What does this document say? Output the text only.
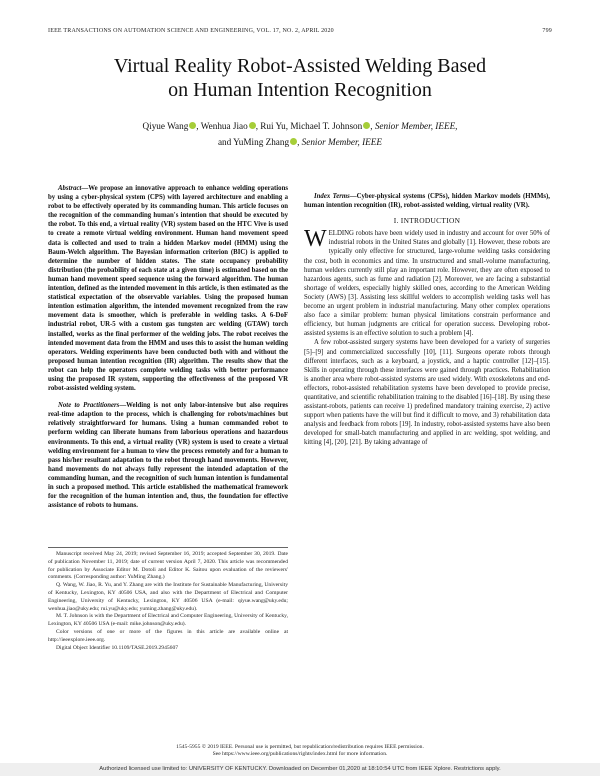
IEEE TRANSACTIONS ON AUTOMATION SCIENCE AND ENGINEERING, VOL. 17, NO. 2, APRIL 2020	799
Virtual Reality Robot-Assisted Welding Based
on Human Intention Recognition
Qiyue Wang , Wenhua Jiao , Rui Yu, Michael T. Johnson , Senior Member, IEEE,
and YuMing Zhang , Senior Member, IEEE

Abstract—We propose an innovative approach to enhance welding operations by using a cyber-physical system (CPS) with layered architecture and enabling a robot to be effectively operated by its commanding human. This article focuses on the recognition of the commanding human's intention that should be executed by the robot. To this end, a virtual reality (VR) system based on the HTC Vive is used to create a remote virtual welding environment. Human hand movement speed data is collected and used to train a hidden Markov model (HMM) using the Baum-Welch algorithm. The Bayesian information criterion (BIC) is applied to determine the number of hidden states. The state occupancy probability distribution (the probability of each state at a given time) is estimated based on the human hand movement speed sequence using the forward algorithm. The human intention, defined as the intended movement in this article, is then estimated as the statistical expectation of the observable variables. Using the proposed human intention estimation algorithm, the intended movement recognized from the raw movement data is smoother, which is preferable in welding tasks. A 6-DoF industrial robot, UR-5 with a custom gas tungsten arc welding (GTAW) torch installed, works as the final performer of the welding jobs. The robot receives the intended movement data from the HMM and uses this to assist the human welding operators. Welding experiments have been conducted both with and without the proposed human intention recognition (IR) algorithm. The results show that the robot can help the operators complete welding tasks with better performance using the proposed IR system, supporting the effectiveness of the proposed VR robot-assisted welding system.

Note to Practitioners—Welding is not only labor-intensive but also requires real-time adaption to the process, which is challenging for robots/machines but relatively straightforward for humans. Using a human commanded robot to perform welding can liberate humans from laborious operations and hazardous environments. To this end, a virtual reality (VR) system is used to create a virtual welding environment for a human to view the process remotely and for a human to pass his/her resultant adaptation to the robot through hand movements. However, hand movements do not always fully represent the intended adaptation of the commanding human, and the recognition of such human intention is fundamental in such a proposed method. This article established the mathematical framework for the recognition of the human intention and, thus, the foundation for effective assistance of robots to humans.

Manuscript received May 24, 2019; revised September 16, 2019; accepted September 30, 2019. Date of publication November 11, 2019; date of current version April 7, 2020. This article was recommended for publication by Associate Editor M. Dotoli and Editor K. Saitou upon evaluation of the reviewers' comments. (Corresponding author: YuMing Zhang.)

Q. Wang, W. Jiao, R. Yu, and Y. Zhang are with the Institute for Sustainable Manufacturing, University of Kentucky, Lexington, KY 40506 USA, and also with the Department of Electrical and Computer Engineering, University of Kentucky, Lexington, KY 40506 USA (e-mail: qiyue.wang@uky.edu; wenhua.jiao@uky.edu; rui.yu@uky.edu; yuming.zhang@uky.edu).

M. T. Johnson is with the Department of Electrical and Computer Engineering, University of Kentucky, Lexington, KY 40506 USA (e-mail: mike.johnson@uky.edu).

Color versions of one or more of the figures in this article are available online at http://ieeexplore.ieee.org.

Digital Object Identifier 10.1109/TASE.2019.2945607

Index Terms—Cyber-physical systems (CPSs), hidden Markov models (HMMs), human intention recognition (IR), robot-assisted welding, virtual reality (VR).

I. INTRODUCTION

WELDING robots have been widely used in industry and account for over 50% of industrial robots in the United States and globally [1]. However, these robots are typically only effective for structured, large-volume welding tasks considering the cost, both in economics and time. In unstructured and small-volume manufacturing, human welders currently still play an important role. However, they are often exposed to hazardous agents, such as fume and radiation [2]. Moreover, we are facing a substantial shortage of welders, especially highly skilled ones, according to the American Welding Society (AWS) [3]. Assisting less skillful welders to accomplish welding tasks well has become an urgent problem in industrial manufacturing. Many other complex operations also face a similar problem: human physical limitations constrain performance and efficiency, but human judgments are critical for operation success. Developing robot-assisted systems is an effective solution to such a problem [4].

A few robot-assisted surgery systems have been developed for a variety of surgeries [5]–[9] and commercialized successfully [10], [11]. Surgeons operate robots through different interfaces, such as a keyboard, a joystick, and a haptic controller [12]–[15]. Skills in operating through these interfaces were gained through practices. Rehabilitation is another area where robot-assisted systems are used widely. With exoskeletons and end-effectors, robot-assisted rehabilitation systems have been developed to provide precise, quantitative, and scientific rehabilitation training to the disabled [16]–[18]. By using these assistant-robots, patients can receive 1) predefined mandatory training exercise, 2) active support when patients have the will but find it difficult to move, and 3) rehabilitation data analysis and feedback from robots [19]. In industry, robot-assisted systems have also been developed for small-batch manufacturing and applied in arc welding, spot welding, and kitting [4], [20], [21]. By taking advantage of

1545-5955 © 2019 IEEE. Personal use is permitted, but republication/redistribution requires IEEE permission.
See https://www.ieee.org/publications/rights/index.html for more information.
Authorized licensed use limited to: UNIVERSITY OF KENTUCKY. Downloaded on December 01,2020 at 18:10:54 UTC from IEEE Xplore. Restrictions apply.
